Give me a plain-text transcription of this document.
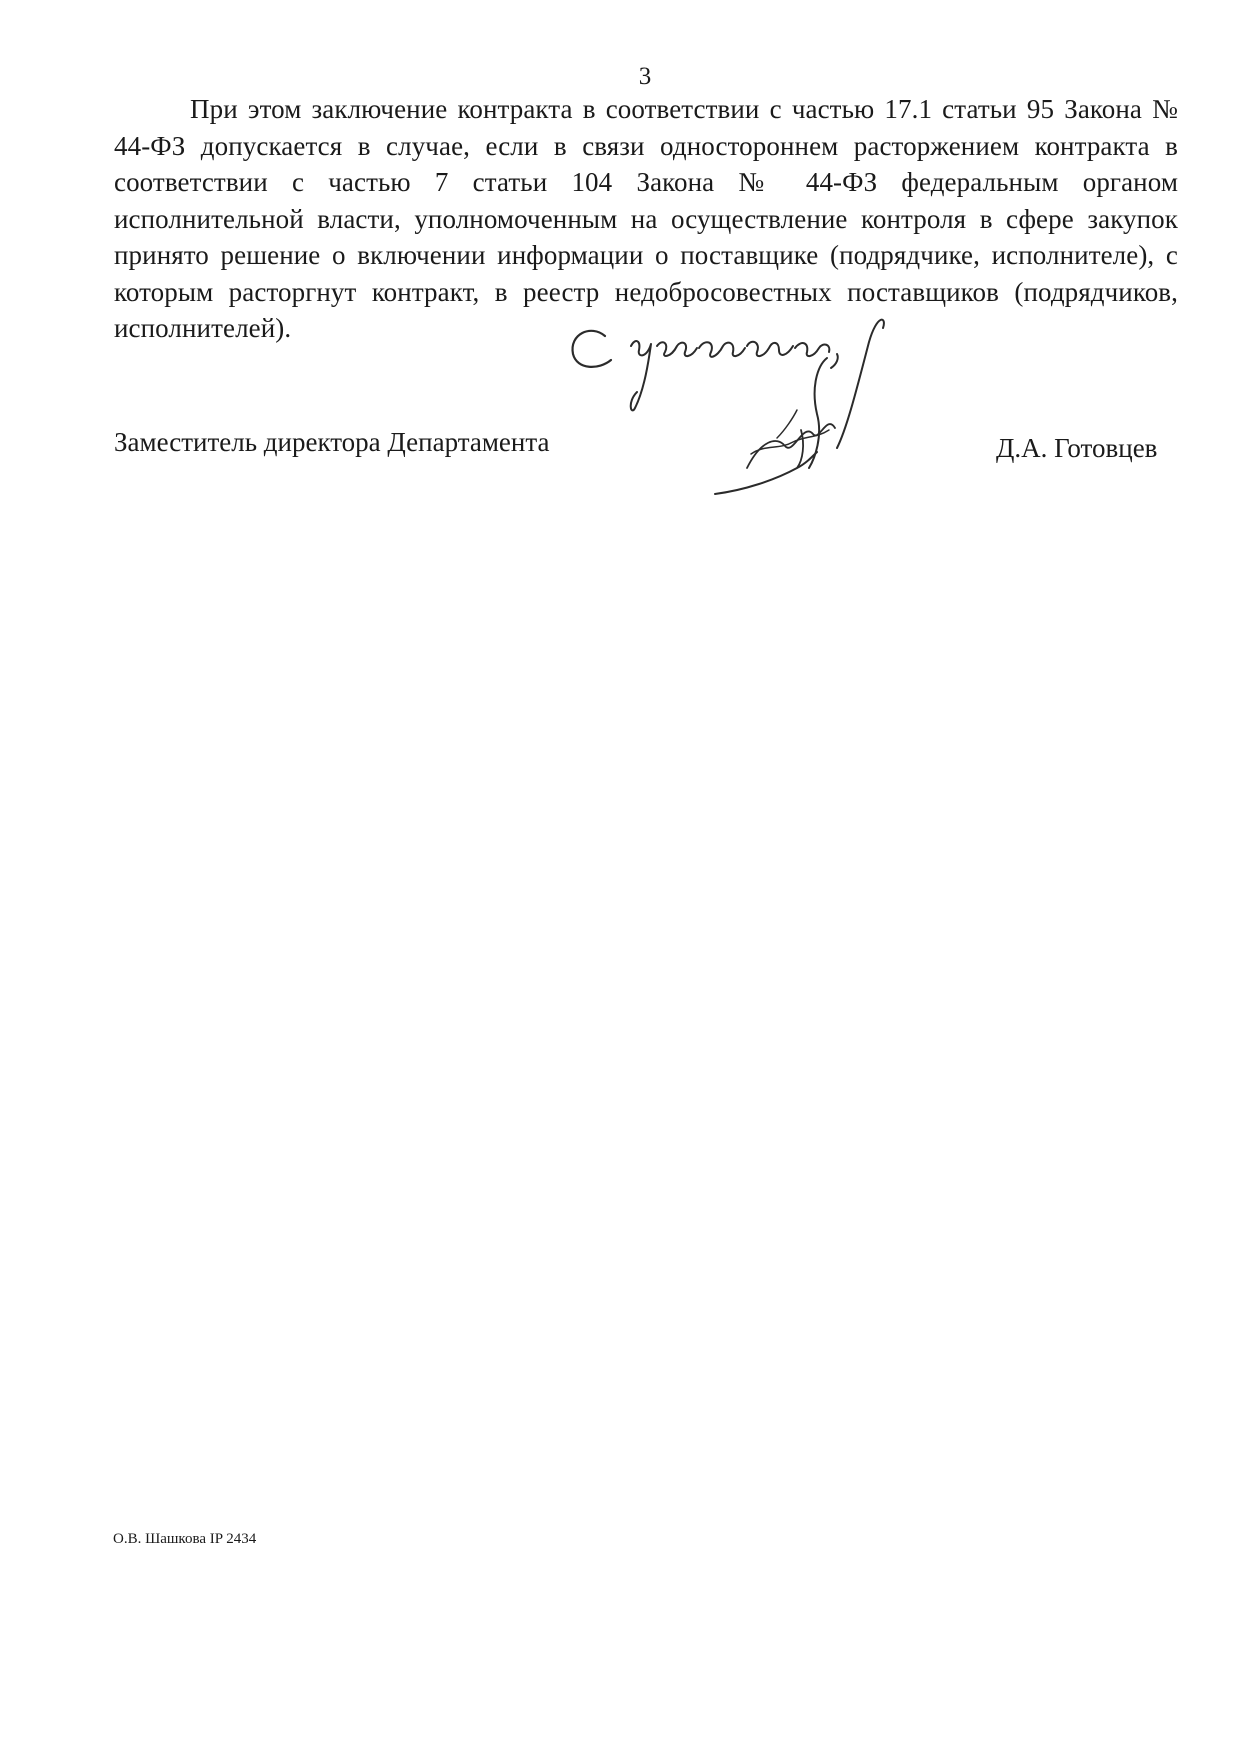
3

При этом заключение контракта в соответствии с частью 17.1 статьи 95 Закона № 44-ФЗ допускается в случае, если в связи одностороннем расторжением контракта в соответствии с частью 7 статьи 104 Закона № 44-ФЗ федеральным органом исполнительной власти, уполномоченным на осуществление контроля в сфере закупок принято решение о включении информации о поставщике (подрядчике, исполнителе), с которым расторгнут контракт, в реестр недобросовестных поставщиков (подрядчиков, исполнителей).

Заместитель директора Департамента	Д.А. Готовцев
О.В. Шашкова IP 2434
